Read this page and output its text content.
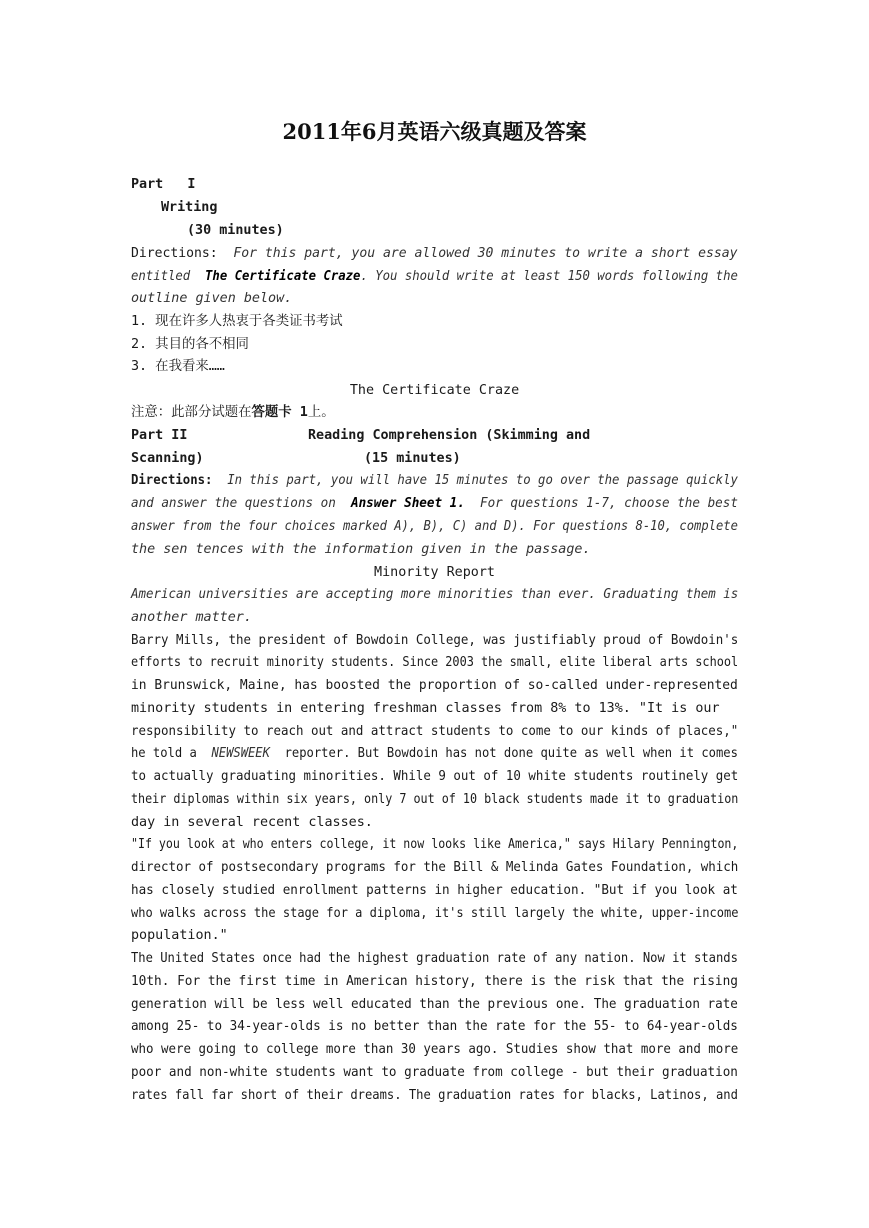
2011年6月英语六级真题及答案
Part   I
Writing
(30 minutes)
Directions: For this part, you are allowed 30 minutes to write a short essay
entitled The Certificate Craze. You should write at least 150 words following the
outline given below.
1. 现在许多人热衷于各类证书考试
2. 其目的各不相同
3. 在我看来……
The Certificate Craze
注意：此部分试题在答题卡 1上。
Part II	Reading Comprehension (Skimming and
Scanning)	(15 minutes)
Directions: In this part, you will have 15 minutes to go over the passage quickly
and answer the questions on Answer Sheet 1. For questions 1-7, choose the best
answer from the four choices marked A), B), C) and D). For questions 8-10, complete
the sen tences with the information given in the passage.
Minority Report
American universities are accepting more minorities than ever. Graduating them is
another matter.
Barry Mills, the president of Bowdoin College, was justifiably proud of Bowdoin's
efforts to recruit minority students. Since 2003 the small, elite liberal arts school
in Brunswick, Maine, has boosted the proportion of so-called under-represented
minority students in entering freshman classes from 8% to 13%. "It is our
responsibility to reach out and attract students to come to our kinds of places,"
he told a NEWSWEEK reporter. But Bowdoin has not done quite as well when it comes
to actually graduating minorities. While 9 out of 10 white students routinely get
their diplomas within six years, only 7 out of 10 black students made it to graduation
day in several recent classes.
"If you look at who enters college, it now looks like America," says Hilary Pennington,
director of postsecondary programs for the Bill & Melinda Gates Foundation, which
has closely studied enrollment patterns in higher education. "But if you look at
who walks across the stage for a diploma, it's still largely the white, upper-income
population."
The United States once had the highest graduation rate of any nation. Now it stands
10th. For the first time in American history, there is the risk that the rising
generation will be less well educated than the previous one. The graduation rate
among 25- to 34-year-olds is no better than the rate for the 55- to 64-year-olds
who were going to college more than 30 years ago. Studies show that more and more
poor and non-white students want to graduate from college - but their graduation
rates fall far short of their dreams. The graduation rates for blacks, Latinos, and
